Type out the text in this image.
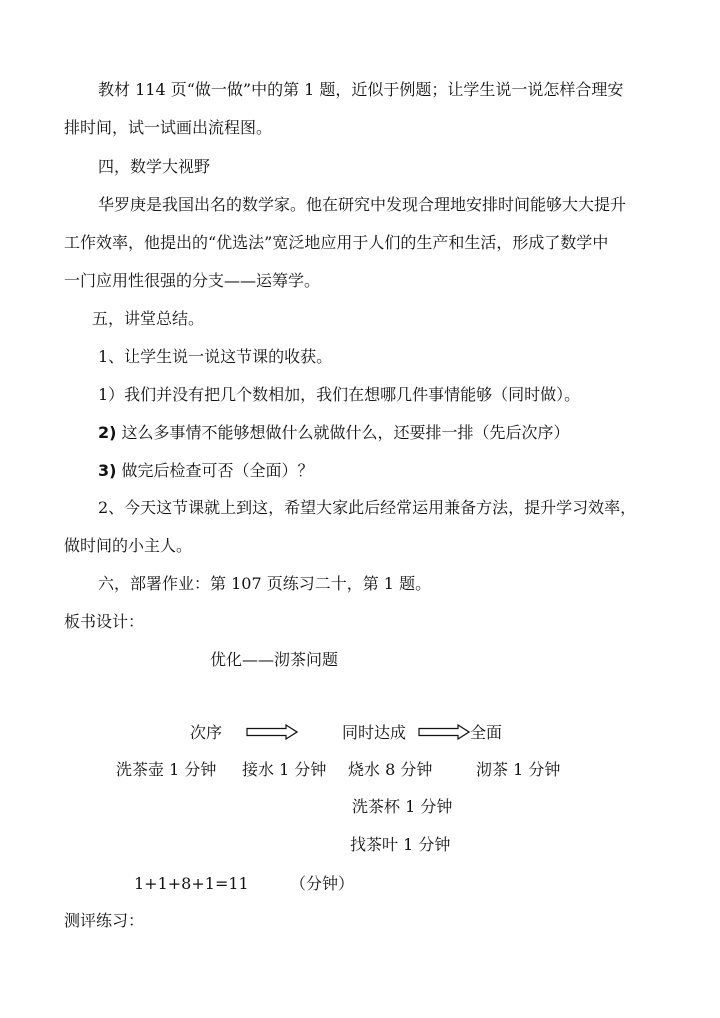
教材 114 页“做一做”中的第 1 题，近似于例题；让学生说一说怎样合理安
排时间，试一试画出流程图。
四，数学大视野
华罗庚是我国出名的数学家。他在研究中发现合理地安排时间能够大大提升
工作效率，他提出的“优选法”宽泛地应用于人们的生产和生活，形成了数学中
一门应用性很强的分支——运筹学。
五，讲堂总结。
1、让学生说一说这节课的收获。
1）我们并没有把几个数相加，我们在想哪几件事情能够（同时做）。
2) 这么多事情不能够想做什么就做什么，还要排一排（先后次序）
3) 做完后检查可否（全面）？
2、今天这节课就上到这，希望大家此后经常运用兼备方法，提升学习效率，
做时间的小主人。
六，部署作业：第 107 页练习二十，第 1 题。
板书设计：
优化——沏茶问题
次序	同时达成	全面
洗茶壶 1 分钟 接水 1 分钟 烧水 8 分钟	沏茶 1 分钟
洗茶杯 1 分钟
找茶叶 1 分钟
1+1+8+1=11	（分钟）
测评练习：
